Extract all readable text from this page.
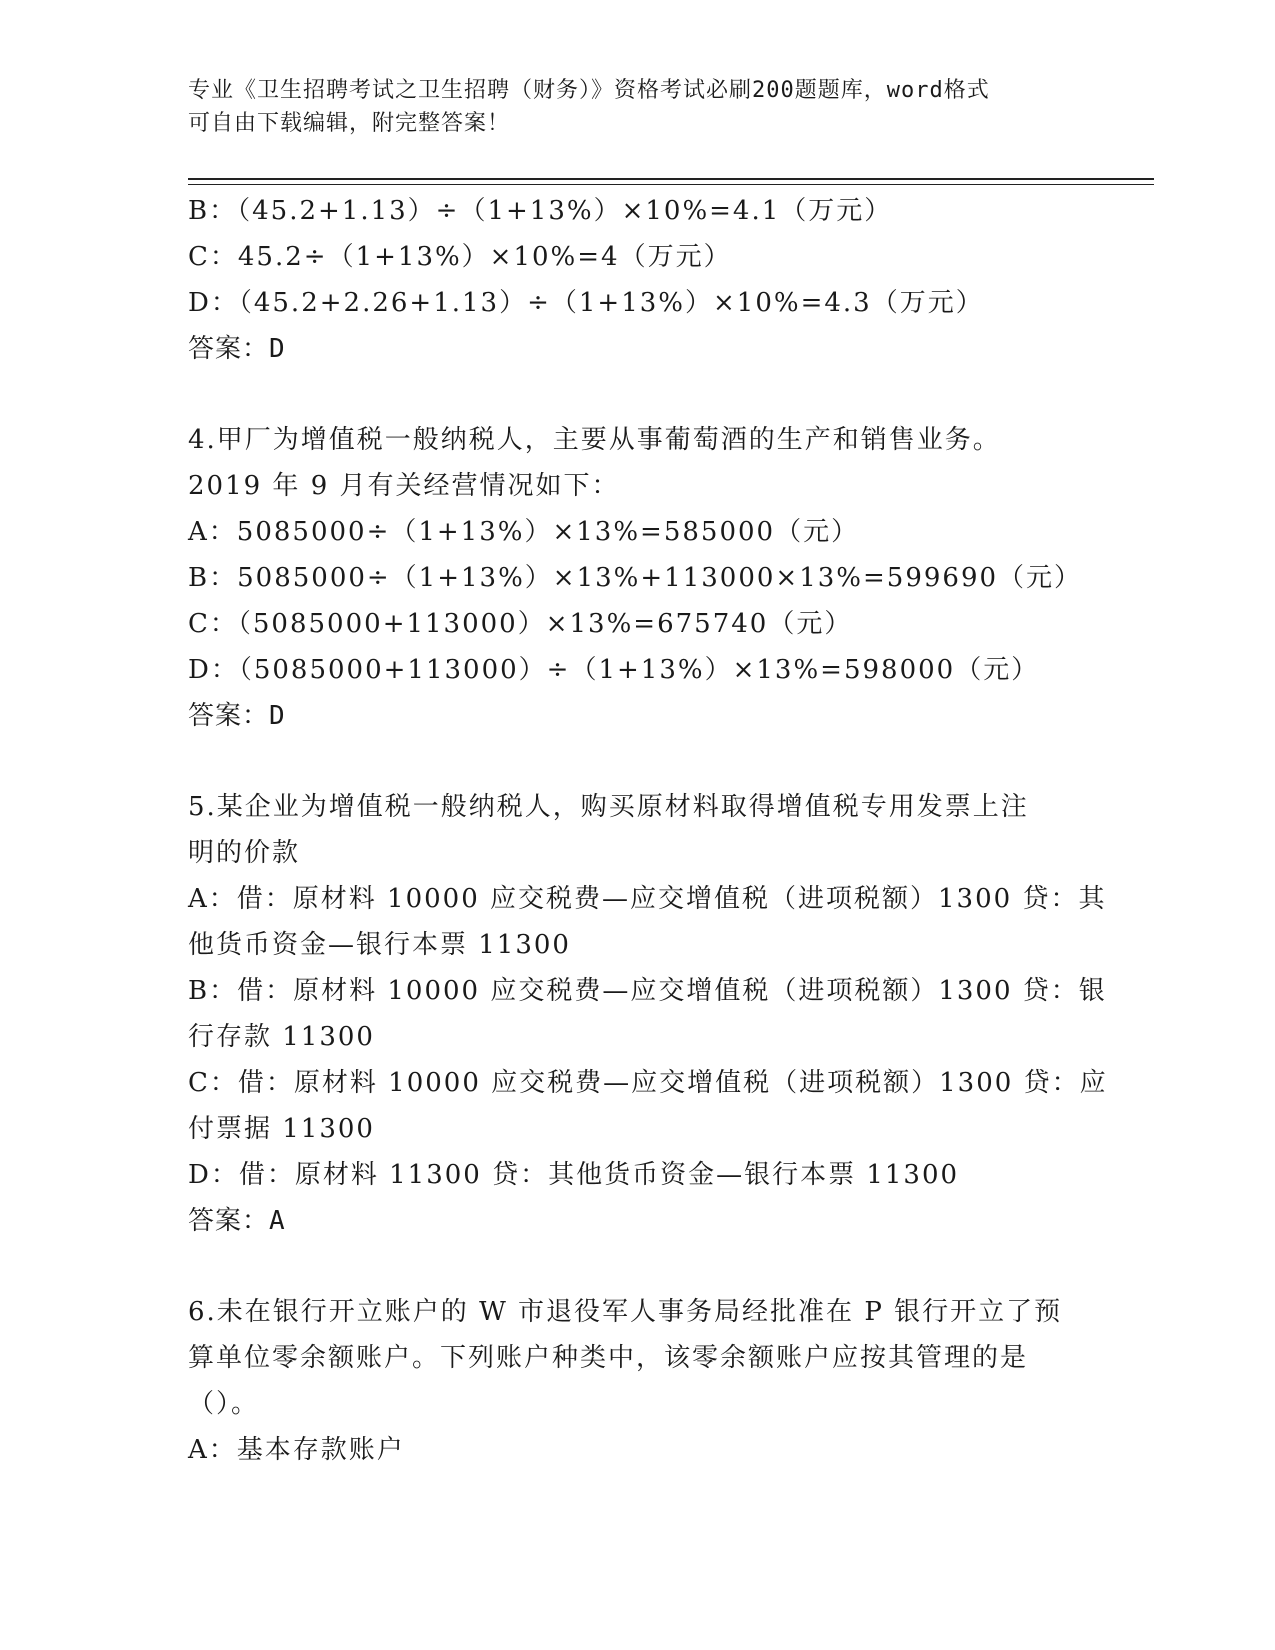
专业《卫生招聘考试之卫生招聘（财务）》资格考试必刷200题题库，word格式
可自由下载编辑，附完整答案！
B：（45.2+1.13）÷（1+13%）×10%=4.1（万元）
C：45.2÷（1+13%）×10%=4（万元）
D：（45.2+2.26+1.13）÷（1+13%）×10%=4.3（万元）
答案：D
4.甲厂为增值税一般纳税人，主要从事葡萄酒的生产和销售业务。
2019 年 9 月有关经营情况如下：
A：5085000÷（1+13%）×13%=585000（元）
B：5085000÷（1+13%）×13%+113000×13%=599690（元）
C：（5085000+113000）×13%=675740（元）
D：（5085000+113000）÷（1+13%）×13%=598000（元）
答案：D
5.某企业为增值税一般纳税人，购买原材料取得增值税专用发票上注
明的价款
A：借：原材料 10000 应交税费—应交增值税（进项税额）1300 贷：其
他货币资金—银行本票 11300
B：借：原材料 10000 应交税费—应交增值税（进项税额）1300 贷：银
行存款 11300
C：借：原材料 10000 应交税费—应交增值税（进项税额）1300 贷：应
付票据 11300
D：借：原材料 11300 贷：其他货币资金—银行本票 11300
答案：A
6.未在银行开立账户的 W 市退役军人事务局经批准在 P 银行开立了预
算单位零余额账户。下列账户种类中，该零余额账户应按其管理的是
（）。
A：基本存款账户
